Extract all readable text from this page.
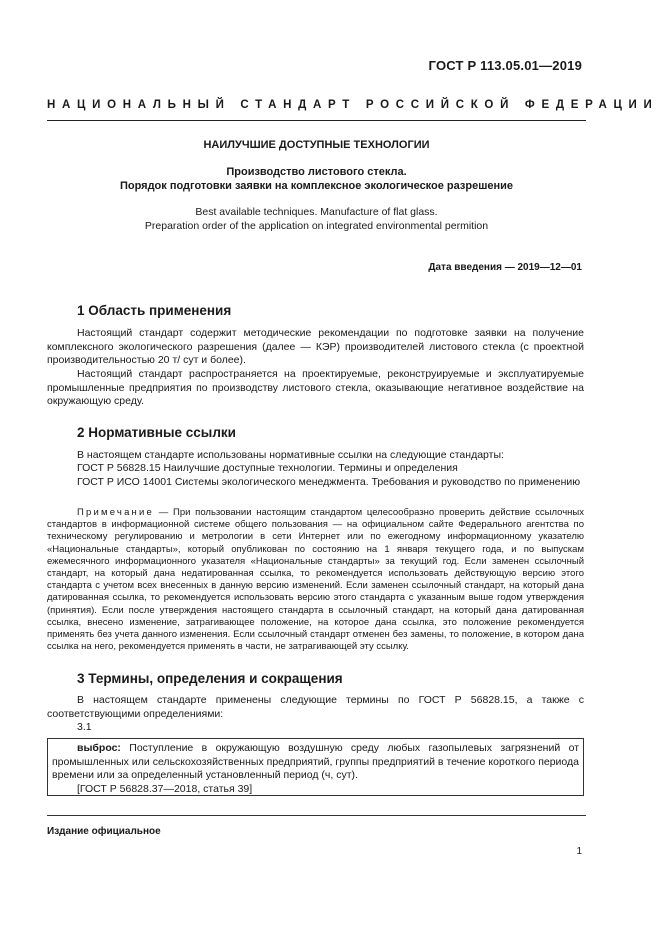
ГОСТ Р 113.05.01—2019
НАЦИОНАЛЬНЫЙ СТАНДАРТ РОССИЙСКОЙ ФЕДЕРАЦИИ
НАИЛУЧШИЕ ДОСТУПНЫЕ ТЕХНОЛОГИИ
Производство листового стекла.
Порядок подготовки заявки на комплексное экологическое разрешение
Best available techniques. Manufacture of flat glass.
Preparation order of the application on integrated environmental permition
Дата введения — 2019—12—01
1 Область применения
Настоящий стандарт содержит методические рекомендации по подготовке заявки на получение комплексного экологического разрешения (далее — КЭР) производителей листового стекла (с проектной производительностью 20 т/ сут и более).
Настоящий стандарт распространяется на проектируемые, реконструируемые и эксплуатируемые промышленные предприятия по производству листового стекла, оказывающие негативное воздействие на окружающую среду.
2 Нормативные ссылки
В настоящем стандарте использованы нормативные ссылки на следующие стандарты:
ГОСТ Р 56828.15 Наилучшие доступные технологии. Термины и определения
ГОСТ Р ИСО 14001 Системы экологического менеджмента. Требования и руководство по применению
Примечание — При пользовании настоящим стандартом целесообразно проверить действие ссылочных стандартов в информационной системе общего пользования — на официальном сайте Федерального агентства по техническому регулированию и метрологии в сети Интернет или по ежегодному информационному указателю «Национальные стандарты», который опубликован по состоянию на 1 января текущего года, и по выпускам ежемесячного информационного указателя «Национальные стандарты» за текущий год. Если заменен ссылочный стандарт, на который дана недатированная ссылка, то рекомендуется использовать действующую версию этого стандарта с учетом всех внесенных в данную версию изменений. Если заменен ссылочный стандарт, на который дана датированная ссылка, то рекомендуется использовать версию этого стандарта с указанным выше годом утверждения (принятия). Если после утверждения настоящего стандарта в ссылочный стандарт, на который дана датированная ссылка, внесено изменение, затрагивающее положение, на которое дана ссылка, это положение рекомендуется применять без учета данного изменения. Если ссылочный стандарт отменен без замены, то положение, в котором дана ссылка на него, рекомендуется применять в части, не затрагивающей эту ссылку.
3 Термины, определения и сокращения
В настоящем стандарте применены следующие термины по ГОСТ Р 56828.15, а также с соответствующими определениями:
3.1
выброс: Поступление в окружающую воздушную среду любых газопылевых загрязнений от промышленных или сельскохозяйственных предприятий, группы предприятий в течение короткого периода времени или за определенный установленный период (ч, сут).
[ГОСТ Р 56828.37—2018, статья 39]
Издание официальное
1
